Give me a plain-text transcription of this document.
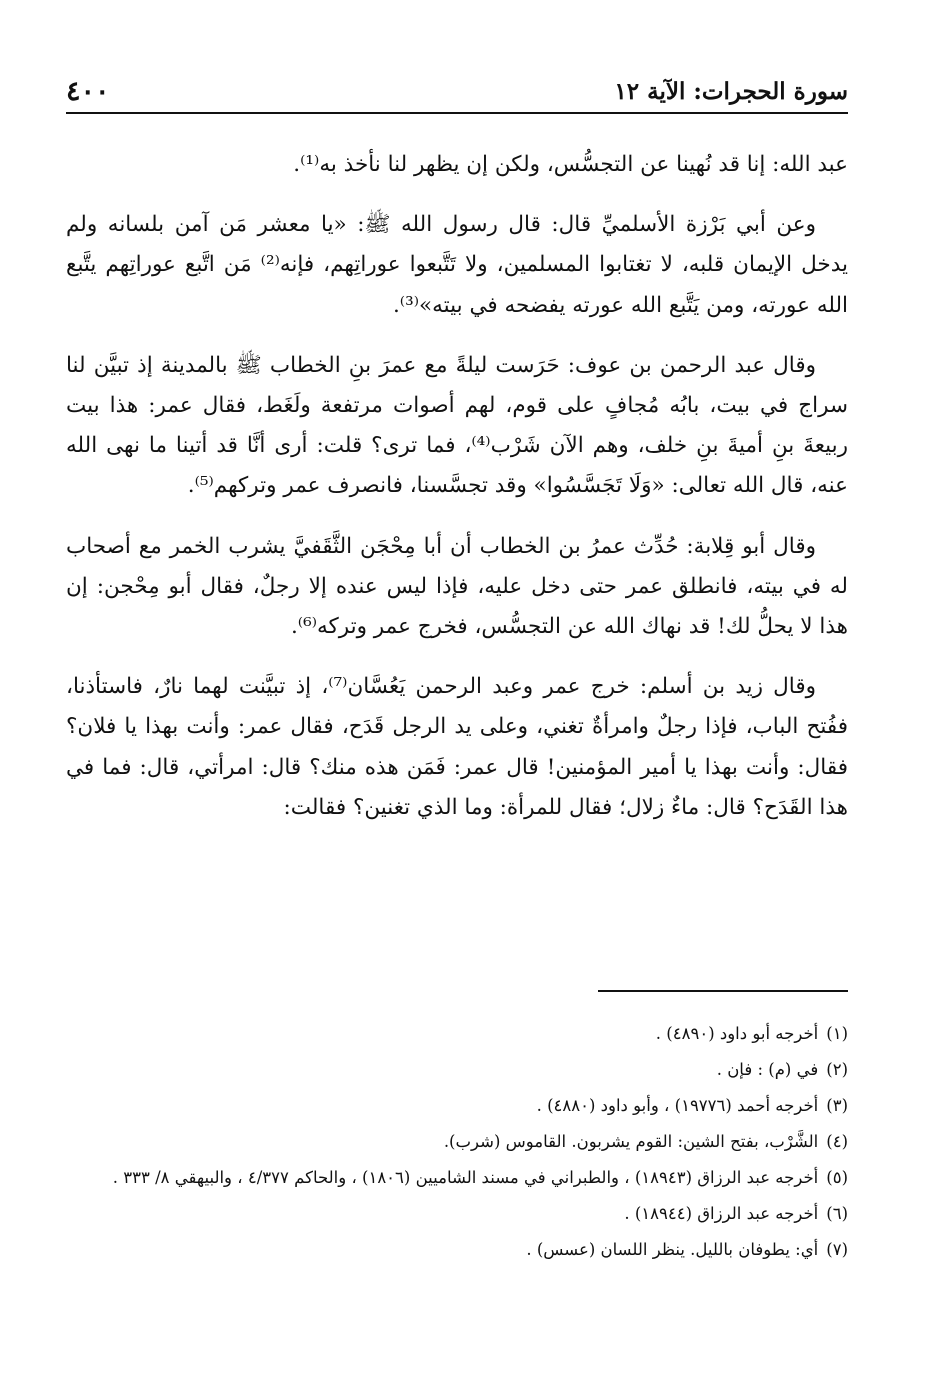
سورة الحجرات: الآية ١٢
٤٠٠

عبد الله: إنا قد نُهينا عن التجسُّس، ولكن إن يظهر لنا نأخذ به⁽¹⁾.

وعن أبي بَرْزة الأسلميِّ قال: قال رسول الله ﷺ: «يا معشر مَن آمن بلسانه ولم يدخل الإيمان قلبه، لا تغتابوا المسلمين، ولا تَتَّبعوا عوراتِهم، فإنه⁽²⁾ مَن اتَّبع عوراتِهم يتَّبع الله عورته، ومن يَتَّبع الله عورته يفضحه في بيته»⁽³⁾.

وقال عبد الرحمن بن عوف: حَرَست ليلةً مع عمرَ بنِ الخطاب ﷺ بالمدينة إذ تبيَّن لنا سراج في بيت، بابُه مُجافٍ على قوم، لهم أصوات مرتفعة ولَغَط، فقال عمر: هذا بيت ربيعةَ بنِ أميةَ بنِ خلف، وهم الآن شَرْب⁽⁴⁾، فما ترى؟ قلت: أرى أنَّا قد أتينا ما نهى الله عنه، قال الله تعالى: «وَلَا تَجَسَّسُوا» وقد تجسَّسنا، فانصرف عمر وتركهم⁽⁵⁾.

وقال أبو قِلابة: حُدِّث عمرُ بن الخطاب أن أبا مِحْجَن الثَّقَفيَّ يشرب الخمر مع أصحاب له في بيته، فانطلق عمر حتى دخل عليه، فإذا ليس عنده إلا رجلٌ، فقال أبو مِحْجن: إن هذا لا يحلُّ لك! قد نهاك الله عن التجسُّس، فخرج عمر وتركه⁽⁶⁾.

وقال زيد بن أسلم: خرج عمر وعبد الرحمن يَعُسَّان⁽⁷⁾، إذ تبيَّنت لهما نارٌ، فاستأذنا، ففُتح الباب، فإذا رجلٌ وامرأةٌ تغني، وعلى يد الرجل قَدَح، فقال عمر: وأنت بهذا يا فلان؟ فقال: وأنت بهذا يا أمير المؤمنين! قال عمر: فَمَن هذه منك؟ قال: امرأتي، قال: فما في هذا القَدَح؟ قال: ماءٌ زلال؛ فقال للمرأة: وما الذي تغنين؟ فقالت:

(١)
أخرجه أبو داود (٤٨٩٠) .
(٢)
في (م) : فإن .
(٣)
أخرجه أحمد (١٩٧٧٦) ، وأبو داود (٤٨٨٠) .
(٤)
الشَّرْب، بفتح الشين: القوم يشربون. القاموس (شرب).
(٥)
أخرجه عبد الرزاق (١٨٩٤٣) ، والطبراني في مسند الشاميين (١٨٠٦) ، والحاكم ٤/٣٧٧ ، والبيهقي ٨/ ٣٣٣ .
(٦)
أخرجه عبد الرزاق (١٨٩٤٤) .
(٧)
أي: يطوفان بالليل. ينظر اللسان (عسس) .
